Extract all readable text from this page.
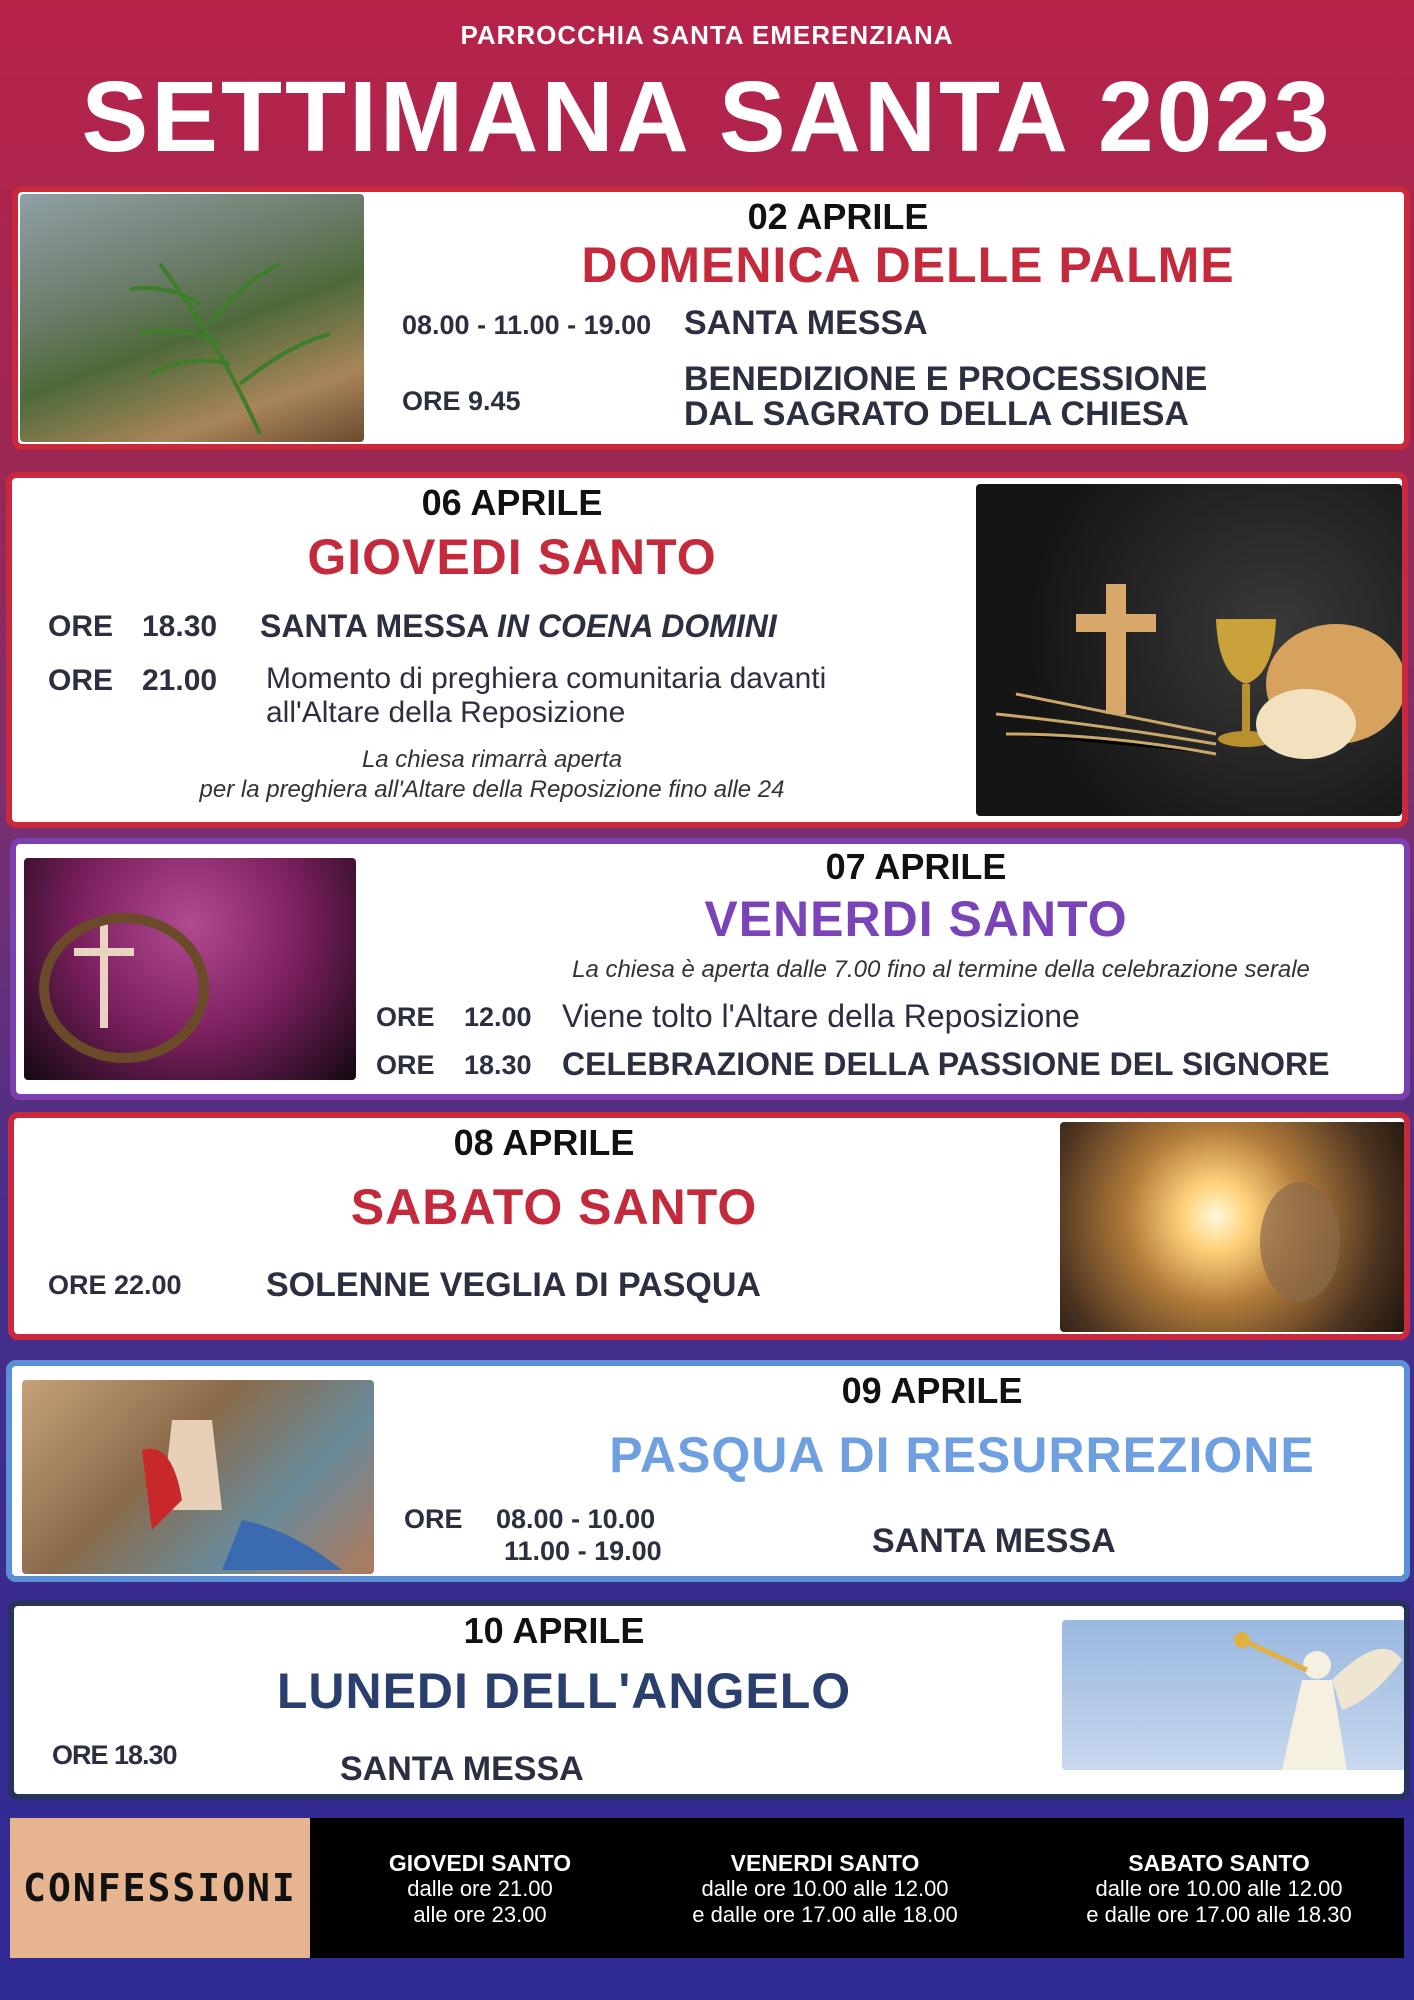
PARROCCHIA SANTA EMERENZIANA
SETTIMANA SANTA 2023
02 APRILE
DOMENICA DELLE PALME
08.00 - 11.00 - 19.00 SANTA MESSA
ORE 9.45
BENEDIZIONE E PROCESSIONE
DAL SAGRATO DELLA CHIESA
06 APRILE
GIOVEDI SANTO
ORE 18.30 SANTA MESSA IN COENA DOMINI
ORE 21.00 Momento di preghiera comunitaria davanti
all'Altare della Reposizione
La chiesa rimarrà aperta
per la preghiera all'Altare della Reposizione fino alle 24
07 APRILE
VENERDI SANTO
La chiesa è aperta dalle 7.00 fino al termine della celebrazione serale
ORE 12.00 Viene tolto l'Altare della Reposizione
ORE 18.30 CELEBRAZIONE DELLA PASSIONE DEL SIGNORE
08 APRILE
SABATO SANTO
ORE 22.00 SOLENNE VEGLIA DI PASQUA
09 APRILE
PASQUA DI RESURREZIONE
ORE 08.00 - 10.00
11.00 - 19.00	SANTA MESSA
10 APRILE
LUNEDI DELL'ANGELO
ORE 18.30	SANTA MESSA
CONFESSIONI
GIOVEDI SANTO
dalle ore 21.00
alle ore 23.00
VENERDI SANTO
dalle ore 10.00 alle 12.00
e dalle ore 17.00 alle 18.00
SABATO SANTO
dalle ore 10.00 alle 12.00
e dalle ore 17.00 alle 18.30
